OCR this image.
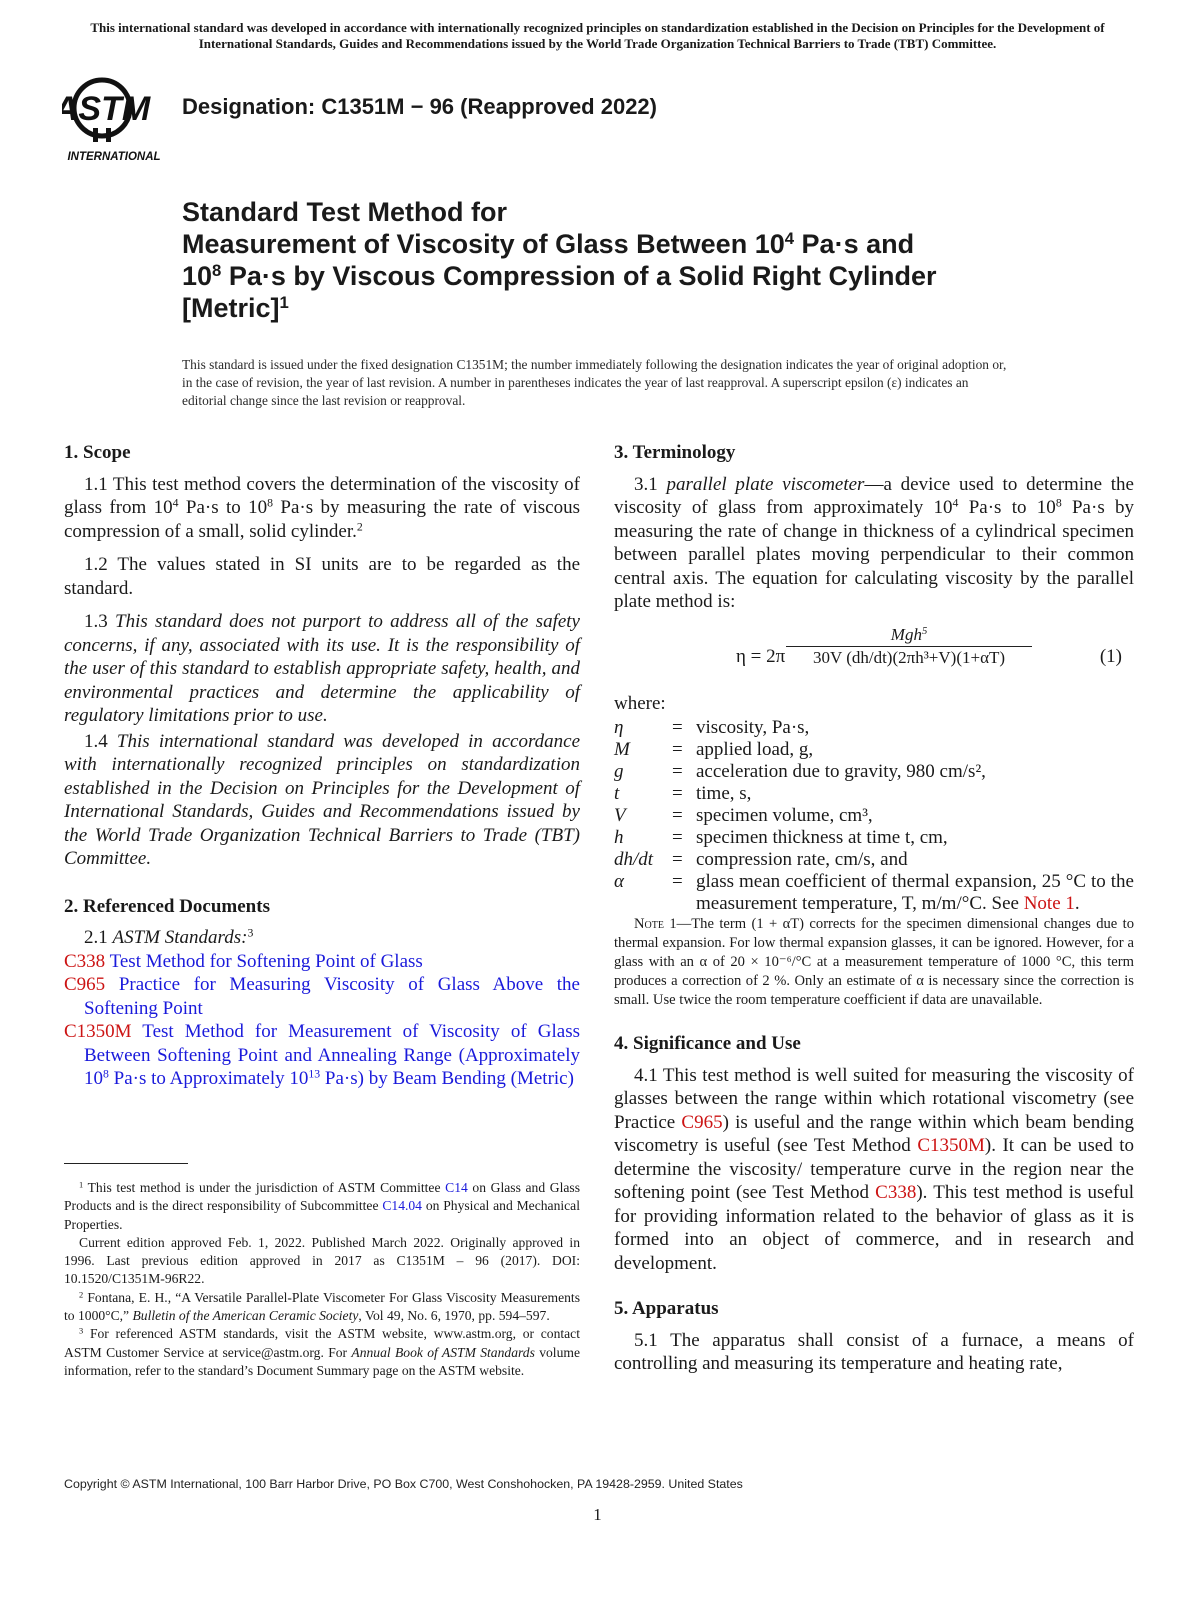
This international standard was developed in accordance with internationally recognized principles on standardization established in the Decision on Principles for the Development of International Standards, Guides and Recommendations issued by the World Trade Organization Technical Barriers to Trade (TBT) Committee.
ASTM
INTERNATIONAL
Designation: C1351M − 96 (Reapproved 2022)
Standard Test Method for
Measurement of Viscosity of Glass Between $10^4$ Pa·s and
$10^8$ Pa·s by Viscous Compression of a Solid Right Cylinder
[Metric]$^1$
This standard is issued under the fixed designation C1351M; the number immediately following the designation indicates the year of original adoption or, in the case of revision, the year of last revision. A number in parentheses indicates the year of last reapproval. A superscript epsilon (ε) indicates an editorial change since the last revision or reapproval.

1. Scope

1.1 This test method covers the determination of the viscosity of glass from $10^4$ Pa·s to $10^8$ Pa·s by measuring the rate of viscous compression of a small, solid cylinder.$^2$

1.2 The values stated in SI units are to be regarded as the standard.

1.3 This standard does not purport to address all of the safety concerns, if any, associated with its use. It is the responsibility of the user of this standard to establish appropriate safety, health, and environmental practices and determine the applicability of regulatory limitations prior to use.

1.4 This international standard was developed in accordance with internationally recognized principles on standardization established in the Decision on Principles for the Development of International Standards, Guides and Recommendations issued by the World Trade Organization Technical Barriers to Trade (TBT) Committee.

2. Referenced Documents

2.1 ASTM Standards:$^3$

C338 Test Method for Softening Point of Glass

C965 Practice for Measuring Viscosity of Glass Above the Softening Point

C1350M Test Method for Measurement of Viscosity of Glass Between Softening Point and Annealing Range (Approximately $10^8$ Pa·s to Approximately $10^{13}$ Pa·s) by Beam Bending (Metric)

$^1$ This test method is under the jurisdiction of ASTM Committee C14 on Glass and Glass Products and is the direct responsibility of Subcommittee C14.04 on Physical and Mechanical Properties.

Current edition approved Feb. 1, 2022. Published March 2022. Originally approved in 1996. Last previous edition approved in 2017 as C1351M – 96 (2017). DOI: 10.1520/C1351M-96R22.

$^2$ Fontana, E. H., “A Versatile Parallel-Plate Viscometer For Glass Viscosity Measurements to 1000°C,” Bulletin of the American Ceramic Society, Vol 49, No. 6, 1970, pp. 594–597.

$^3$ For referenced ASTM standards, visit the ASTM website, www.astm.org, or contact ASTM Customer Service at service@astm.org. For Annual Book of ASTM Standards volume information, refer to the standard’s Document Summary page on the ASTM website.

3. Terminology

3.1 parallel plate viscometer—a device used to determine the viscosity of glass from approximately $10^4$ Pa·s to $10^8$ Pa·s by measuring the rate of change in thickness of a cylindrical specimen between parallel plates moving perpendicular to their common central axis. The equation for calculating viscosity by the parallel plate method is:

η = 2π
Mgh$^5$
30V (dh/dt)(2πh³+V)(1+αT)	(1)

where:

η	=	viscosity, Pa·s,
M	=	applied load, g,
g	=	acceleration due to gravity, 980 cm/s²,
t	=	time, s,
V	=	specimen volume, cm³,
h	=	specimen thickness at time t, cm,
dh/dt	=	compression rate, cm/s, and
α	=	glass mean coefficient of thermal expansion, 25 °C to the measurement temperature, T, m/m/°C. See Note 1.

Note 1—The term (1 + αT) corrects for the specimen dimensional changes due to thermal expansion. For low thermal expansion glasses, it can be ignored. However, for a glass with an α of 20 × 10⁻⁶/°C at a measurement temperature of 1000 °C, this term produces a correction of 2 %. Only an estimate of α is necessary since the correction is small. Use twice the room temperature coefficient if data are unavailable.

4. Significance and Use

4.1 This test method is well suited for measuring the viscosity of glasses between the range within which rotational viscometry (see Practice C965) is useful and the range within which beam bending viscometry is useful (see Test Method C1350M). It can be used to determine the viscosity/ temperature curve in the region near the softening point (see Test Method C338). This test method is useful for providing information related to the behavior of glass as it is formed into an object of commerce, and in research and development.

5. Apparatus

5.1 The apparatus shall consist of a furnace, a means of controlling and measuring its temperature and heating rate,

Copyright © ASTM International, 100 Barr Harbor Drive, PO Box C700, West Conshohocken, PA 19428-2959. United States
1
